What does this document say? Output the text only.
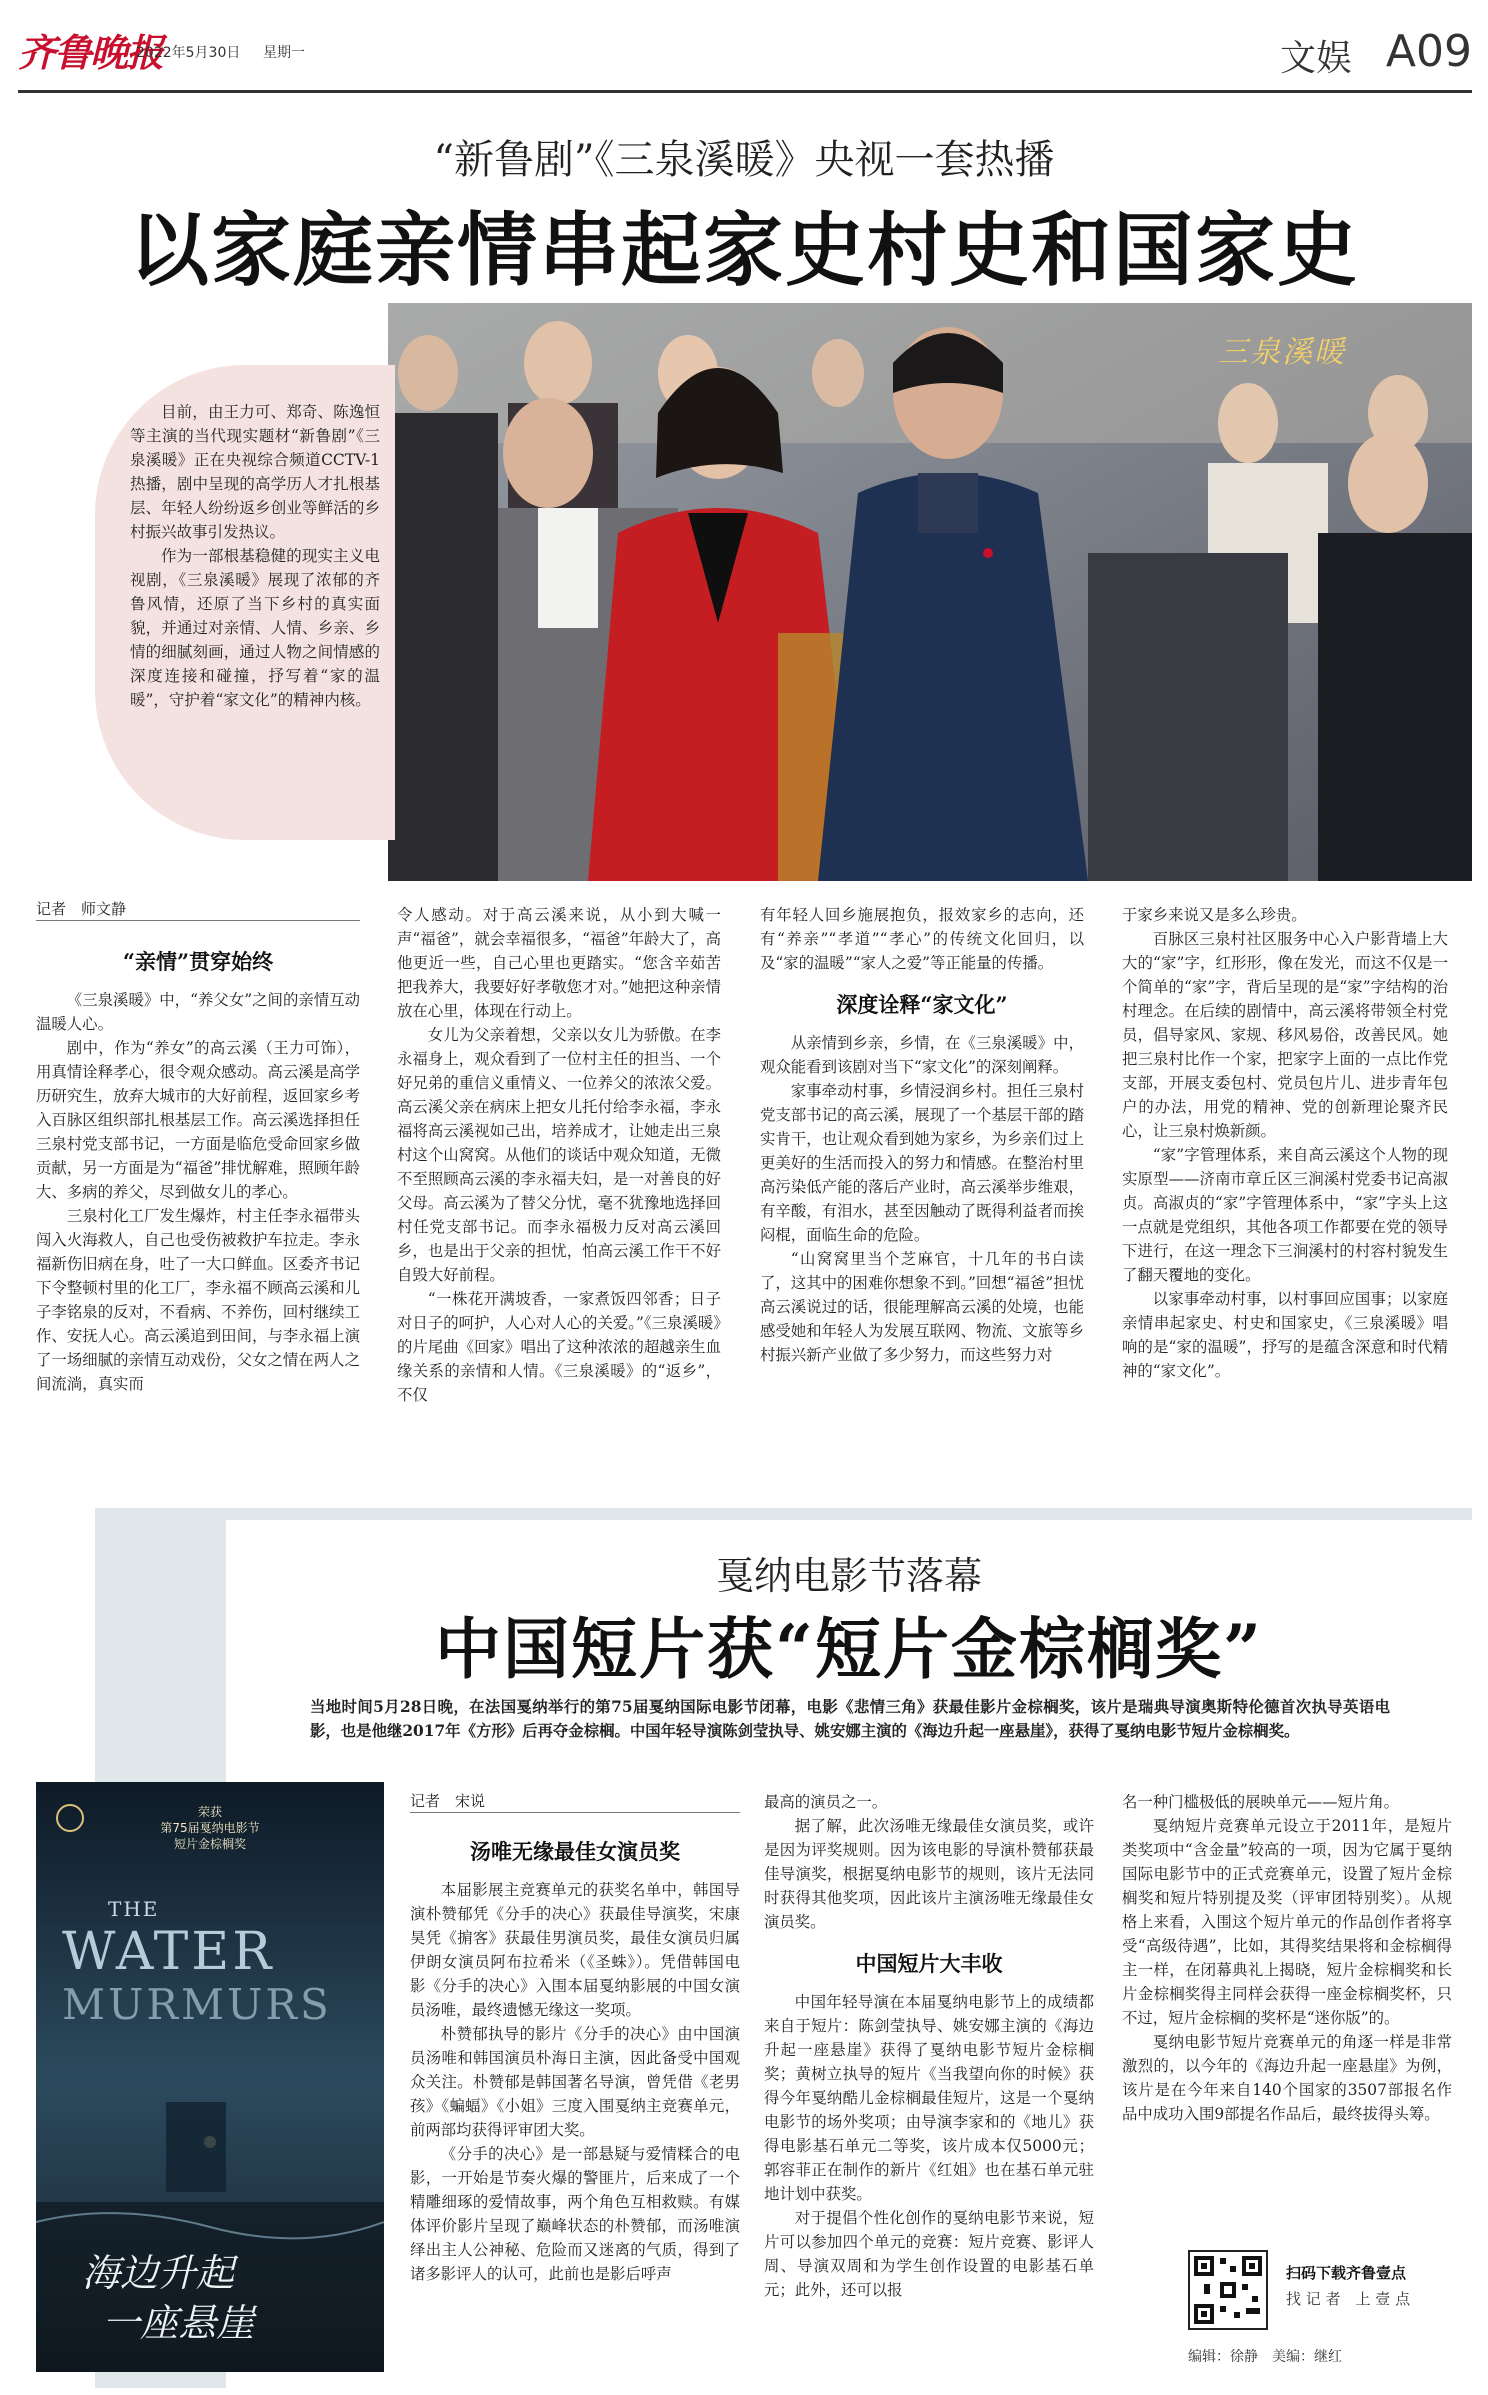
齐鲁晚报
2022年5月30日 星期一	文娱 A09
“新鲁剧”《三泉溪暖》央视一套热播
以家庭亲情串起家史村史和国家史
三泉溪暖

目前，由王力可、郑奇、陈逸恒等主演的当代现实题材“新鲁剧”《三泉溪暖》正在央视综合频道CCTV-1热播，剧中呈现的高学历人才扎根基层、年轻人纷纷返乡创业等鲜活的乡村振兴故事引发热议。

作为一部根基稳健的现实主义电视剧，《三泉溪暖》展现了浓郁的齐鲁风情，还原了当下乡村的真实面貌，并通过对亲情、人情、乡亲、乡情的细腻刻画，通过人物之间情感的深度连接和碰撞，抒写着“家的温暖”，守护着“家文化”的精神内核。

记者　师文静
“亲情”贯穿始终

《三泉溪暖》中，“养父女”之间的亲情互动温暖人心。

剧中，作为“养女”的高云溪（王力可饰），用真情诠释孝心，很令观众感动。高云溪是高学历研究生，放弃大城市的大好前程，返回家乡考入百脉区组织部扎根基层工作。高云溪选择担任三泉村党支部书记，一方面是临危受命回家乡做贡献，另一方面是为“福爸”排忧解难，照顾年龄大、多病的养父，尽到做女儿的孝心。

三泉村化工厂发生爆炸，村主任李永福带头闯入火海救人，自己也受伤被救护车拉走。李永福新伤旧病在身，吐了一大口鲜血。区委齐书记下令整顿村里的化工厂，李永福不顾高云溪和儿子李铭泉的反对，不看病、不养伤，回村继续工作、安抚人心。高云溪追到田间，与李永福上演了一场细腻的亲情互动戏份，父女之情在两人之间流淌，真实而

令人感动。对于高云溪来说，从小到大喊一声“福爸”，就会幸福很多，“福爸”年龄大了，高他更近一些，自己心里也更踏实。“您含辛茹苦把我养大，我要好好孝敬您才对。”她把这种亲情放在心里，体现在行动上。

女儿为父亲着想，父亲以女儿为骄傲。在李永福身上，观众看到了一位村主任的担当、一个好兄弟的重信义重情义、一位养父的浓浓父爱。高云溪父亲在病床上把女儿托付给李永福，李永福将高云溪视如己出，培养成才，让她走出三泉村这个山窝窝。从他们的谈话中观众知道，无微不至照顾高云溪的李永福夫妇，是一对善良的好父母。高云溪为了替父分忧，毫不犹豫地选择回村任党支部书记。而李永福极力反对高云溪回乡，也是出于父亲的担忧，怕高云溪工作干不好自毁大好前程。

“一株花开满坡香，一家煮饭四邻香；日子对日子的呵护，人心对人心的关爱。”《三泉溪暖》的片尾曲《回家》唱出了这种浓浓的超越亲生血缘关系的亲情和人情。《三泉溪暖》的“返乡”，不仅

有年轻人回乡施展抱负，报效家乡的志向，还有“养亲”“孝道”“孝心”的传统文化回归，以及“家的温暖”“家人之爱”等正能量的传播。

深度诠释“家文化”

从亲情到乡亲，乡情，在《三泉溪暖》中，观众能看到该剧对当下“家文化”的深刻阐释。

家事牵动村事，乡情浸润乡村。担任三泉村党支部书记的高云溪，展现了一个基层干部的踏实肯干，也让观众看到她为家乡，为乡亲们过上更美好的生活而投入的努力和情感。在整治村里高污染低产能的落后产业时，高云溪举步维艰，有辛酸，有泪水，甚至因触动了既得利益者而挨闷棍，面临生命的危险。

“山窝窝里当个芝麻官，十几年的书白读了，这其中的困难你想象不到。”回想“福爸”担忧高云溪说过的话，很能理解高云溪的处境，也能感受她和年轻人为发展互联网、物流、文旅等乡村振兴新产业做了多少努力，而这些努力对

于家乡来说又是多么珍贵。

百脉区三泉村社区服务中心入户影背墙上大大的“家”字，红形形，像在发光，而这不仅是一个简单的“家”字，背后呈现的是“家”字结构的治村理念。在后续的剧情中，高云溪将带领全村党员，倡导家风、家规、移风易俗，改善民风。她把三泉村比作一个家，把家字上面的一点比作党支部，开展支委包村、党员包片儿、进步青年包户的办法，用党的精神、党的创新理论聚齐民心，让三泉村焕新颜。

“家”字管理体系，来自高云溪这个人物的现实原型——济南市章丘区三涧溪村党委书记高淑贞。高淑贞的“家”字管理体系中，“家”字头上这一点就是党组织，其他各项工作都要在党的领导下进行，在这一理念下三涧溪村的村容村貌发生了翻天覆地的变化。

以家事牵动村事，以村事回应国事；以家庭亲情串起家史、村史和国家史，《三泉溪暖》唱响的是“家的温暖”，抒写的是蕴含深意和时代精神的“家文化”。

戛纳电影节落幕
中国短片获“短片金棕榈奖”
当地时间5月28日晚，在法国戛纳举行的第75届戛纳国际电影节闭幕，电影《悲情三角》获最佳影片金棕榈奖，该片是瑞典导演奥斯特伦德首次执导英语电影，也是他继2017年《方形》后再夺金棕榈。中国年轻导演陈剑莹执导、姚安娜主演的《海边升起一座悬崖》，获得了戛纳电影节短片金棕榈奖。
荣获
第75届戛纳电影节
短片金棕榈奖
THE
WATER
MURMURS
海边升起
一座悬崖
记者　宋说
汤唯无缘最佳女演员奖

本届影展主竞赛单元的获奖名单中，韩国导演朴赞郁凭《分手的决心》获最佳导演奖，宋康昊凭《掮客》获最佳男演员奖，最佳女演员归属伊朗女演员阿布拉希米（《圣蛛》）。凭借韩国电影《分手的决心》入围本届戛纳影展的中国女演员汤唯，最终遗憾无缘这一奖项。

朴赞郁执导的影片《分手的决心》由中国演员汤唯和韩国演员朴海日主演，因此备受中国观众关注。朴赞郁是韩国著名导演，曾凭借《老男孩》《蝙蝠》《小姐》三度入围戛纳主竞赛单元，前两部均获得评审团大奖。

《分手的决心》是一部悬疑与爱情糅合的电影，一开始是节奏火爆的警匪片，后来成了一个精雕细琢的爱情故事，两个角色互相救赎。有媒体评价影片呈现了巅峰状态的朴赞郁，而汤唯演绎出主人公神秘、危险而又迷离的气质，得到了诸多影评人的认可，此前也是影后呼声

最高的演员之一。

据了解，此次汤唯无缘最佳女演员奖，或许是因为评奖规则。因为该电影的导演朴赞郁获最佳导演奖，根据戛纳电影节的规则，该片无法同时获得其他奖项，因此该片主演汤唯无缘最佳女演员奖。

中国短片大丰收

中国年轻导演在本届戛纳电影节上的成绩都来自于短片：陈剑莹执导、姚安娜主演的《海边升起一座悬崖》获得了戛纳电影节短片金棕榈奖；黄树立执导的短片《当我望向你的时候》获得今年戛纳酷儿金棕榈最佳短片，这是一个戛纳电影节的场外奖项；由导演李家和的《地儿》获得电影基石单元二等奖，该片成本仅5000元；郭容菲正在制作的新片《红姐》也在基石单元驻地计划中获奖。

对于提倡个性化创作的戛纳电影节来说，短片可以参加四个单元的竞赛：短片竞赛、影评人周、导演双周和为学生创作设置的电影基石单元；此外，还可以报

名一种门槛极低的展映单元——短片角。

戛纳短片竞赛单元设立于2011年，是短片类奖项中“含金量”较高的一项，因为它属于戛纳国际电影节中的正式竞赛单元，设置了短片金棕榈奖和短片特别提及奖（评审团特别奖）。从规格上来看，入围这个短片单元的作品创作者将享受“高级待遇”，比如，其得奖结果将和金棕榈得主一样，在闭幕典礼上揭晓，短片金棕榈奖和长片金棕榈奖得主同样会获得一座金棕榈奖杯，只不过，短片金棕榈的奖杯是“迷你版”的。

戛纳电影节短片竞赛单元的角逐一样是非常激烈的，以今年的《海边升起一座悬崖》为例，该片是在今年来自140个国家的3507部报名作品中成功入围9部提名作品后，最终拔得头筹。

扫码下载齐鲁壹点
找 记 者　上 壹 点
编辑：徐静　美编：继红
